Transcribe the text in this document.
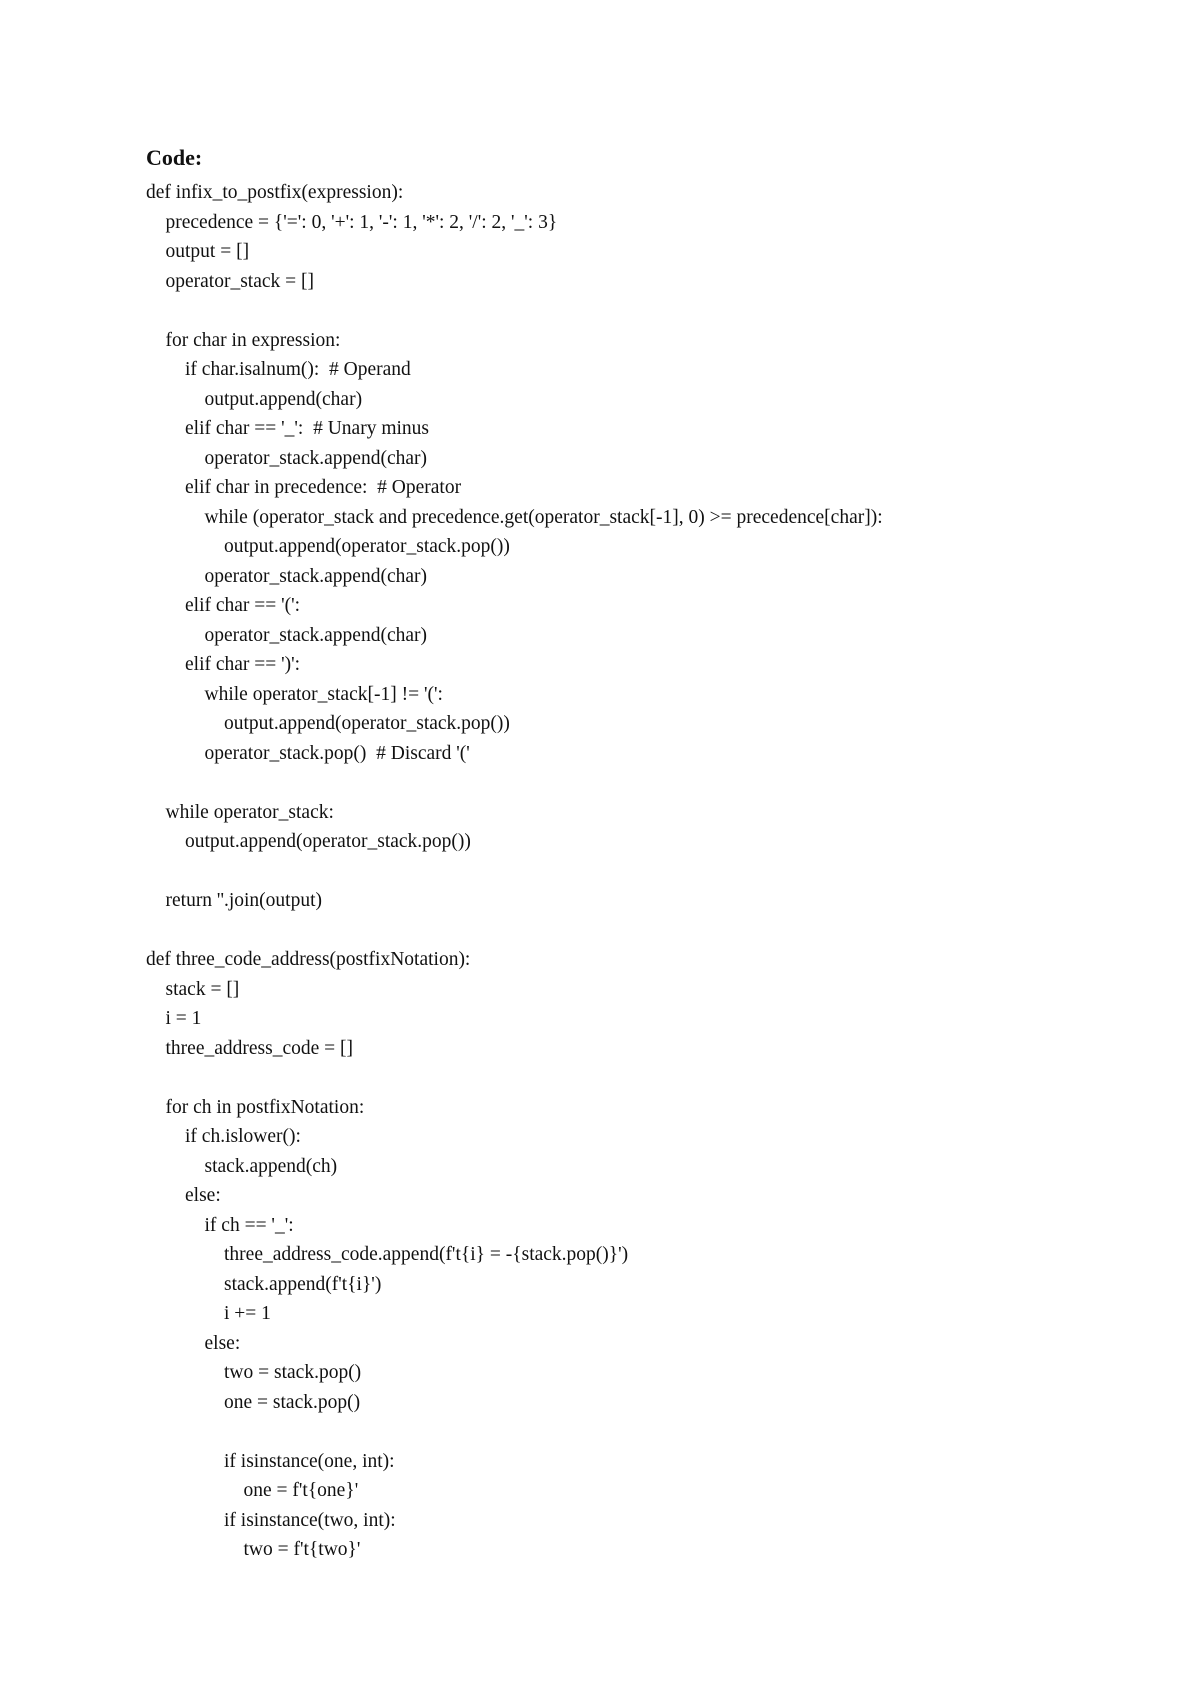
Code:
def infix_to_postfix(expression):
precedence = {'=': 0, '+': 1, '-': 1, '*': 2, '/': 2, '_': 3}
output = []
operator_stack = []
for char in expression:
if char.isalnum():  # Operand
output.append(char)
elif char == '_':  # Unary minus
operator_stack.append(char)
elif char in precedence:  # Operator
while (operator_stack and precedence.get(operator_stack[-1], 0) >= precedence[char]):
output.append(operator_stack.pop())
operator_stack.append(char)
elif char == '(':
operator_stack.append(char)
elif char == ')':
while operator_stack[-1] != '(':
output.append(operator_stack.pop())
operator_stack.pop()  # Discard '('
while operator_stack:
output.append(operator_stack.pop())
return ''.join(output)
def three_code_address(postfixNotation):
stack = []
i = 1
three_address_code = []
for ch in postfixNotation:
if ch.islower():
stack.append(ch)
else:
if ch == '_':
three_address_code.append(f't{i} = -{stack.pop()}')
stack.append(f't{i}')
i += 1
else:
two = stack.pop()
one = stack.pop()
if isinstance(one, int):
one = f't{one}'
if isinstance(two, int):
two = f't{two}'
